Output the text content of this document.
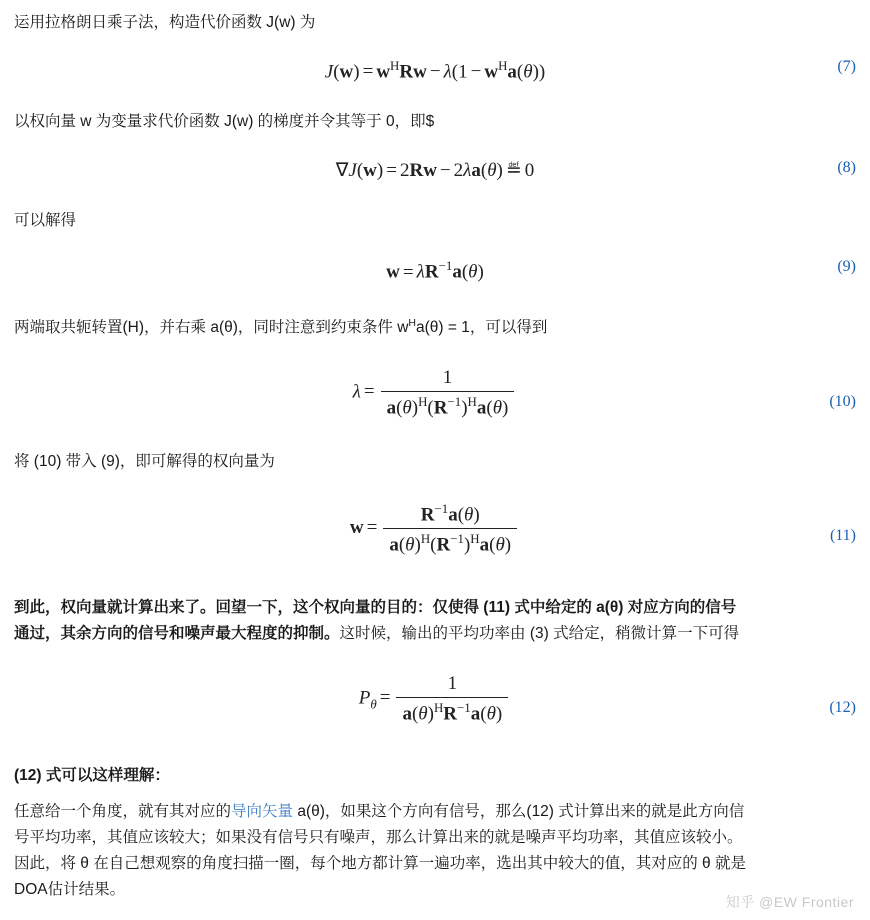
运用拉格朗日乘子法，构造代价函数 J(w) 为
$J(w) = w^HRw - \lambda(1 - w^Ha(\theta))$	(7)
以权向量 w 为变量求代价函数 J(w) 的梯度并令其等于 0，即$
∇J(w) = 2Rw − 2λa(θ) ≝ 0	(8)
可以解得
$w = \lambda R^{-1}a(\theta)$	(9)
两端取共轭转置(H)，并右乘 a(θ)，同时注意到约束条件 $w^Ha(\theta) = 1$，可以得到
$\lambda = \frac{1}{a(\theta)^H(R^{-1})^Ha(\theta)}$	(10)
将 (10) 带入 (9)，即可解得的权向量为
$w = \frac{R^{-1}a(\theta)}{a(\theta)^H(R^{-1})^Ha(\theta)}$	(11)
到此，权向量就计算出来了。回望一下，这个权向量的目的：仅使得 (11) 式中给定的 a(θ) 对应方向的信号
通过，其余方向的信号和噪声最大程度的抑制。这时候，输出的平均功率由 (3) 式给定，稍微计算一下可得
$P_\theta = \frac{1}{a(\theta)^HR^{-1}a(\theta)}$	(12)
(12) 式可以这样理解：
任意给一个角度，就有其对应的导向矢量 a(θ)，如果这个方向有信号，那么(12) 式计算出来的就是此方向信
号平均功率，其值应该较大；如果没有信号只有噪声，那么计算出来的就是噪声平均功率，其值应该较小。
因此，将 θ 在自己想观察的角度扫描一圈，每个地方都计算一遍功率，选出其中较大的值，其对应的 θ 就是
DOA估计结果。
知乎 @EW Frontier
